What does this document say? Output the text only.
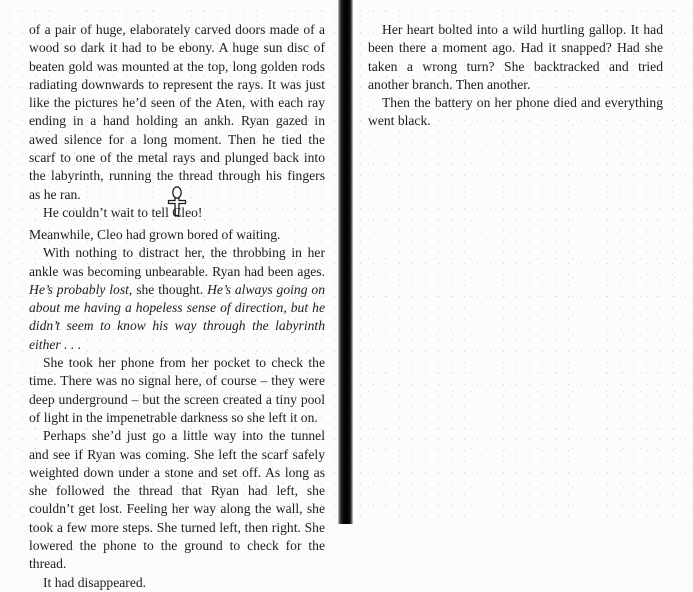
of a pair of huge, elaborately carved doors made of a wood so dark it had to be ebony. A huge sun disc of beaten gold was mounted at the top, long golden rods radiating downwards to represent the rays. It was just like the pictures he’d seen of the Aten, with each ray ending in a hand holding an ankh. Ryan gazed in awed silence for a long moment. Then he tied the scarf to one of the metal rays and plunged back into the labyrinth, running the thread through his fingers as he ran.

He couldn’t wait to tell Cleo!

Meanwhile, Cleo had grown bored of waiting.

With nothing to distract her, the throbbing in her ankle was becoming unbearable. Ryan had been ages. He’s probably lost, she thought. He’s always going on about me having a hopeless sense of direction, but he didn’t seem to know his way through the labyrinth either . . .

She took her phone from her pocket to check the time. There was no signal here, of course – they were deep underground – but the screen created a tiny pool of light in the impenetrable darkness so she left it on.

Perhaps she’d just go a little way into the tunnel and see if Ryan was coming. She left the scarf safely weighted down under a stone and set off. As long as she followed the thread that Ryan had left, she couldn’t get lost. Feeling her way along the wall, she took a few more steps. She turned left, then right. She lowered the phone to the ground to check for the thread.

It had disappeared.

Her heart bolted into a wild hurtling gallop. It had been there a moment ago. Had it snapped? Had she taken a wrong turn? She backtracked and tried another branch. Then another.

Then the battery on her phone died and everything went black.
